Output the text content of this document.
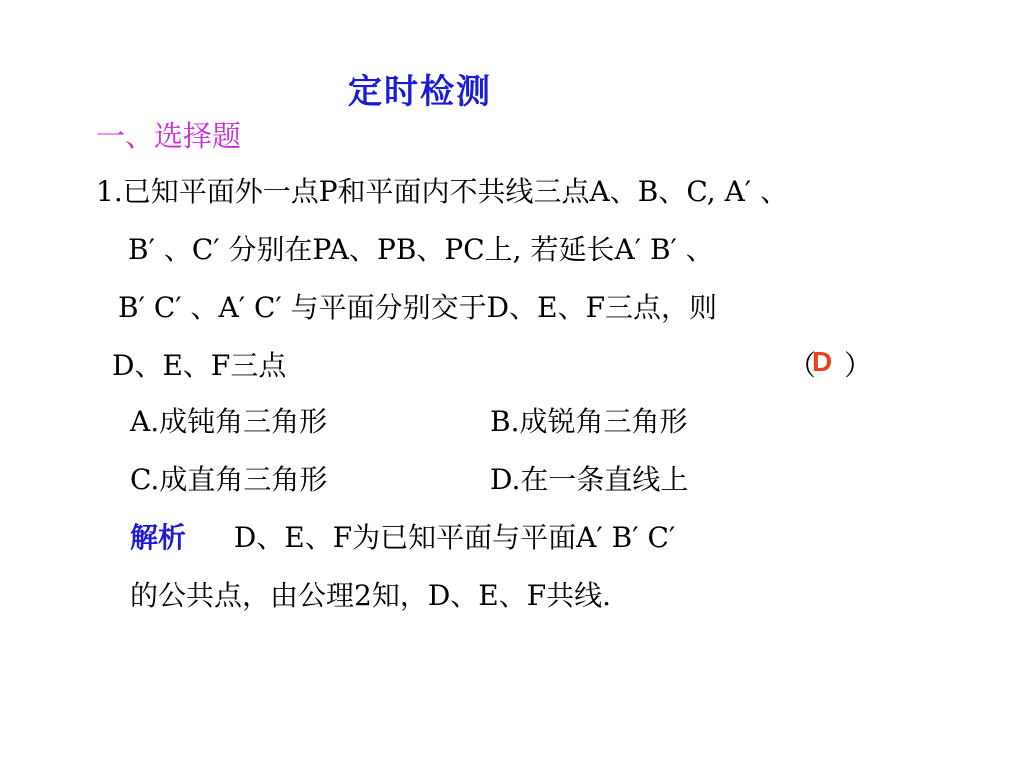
定时检测
一、选择题
1.已知平面外一点P和平面内不共线三点A、B、C, A′ 、
B′ 、C′ 分别在PA、PB、PC上, 若延长A′ B′ 、
B′ C′ 、A′ C′ 与平面分别交于D、E、F三点，则
D、E、F三点	（
D ）
A.成钝角三角形	B.成锐角三角形
C.成直角三角形	D.在一条直线上
解析 D、E、F为已知平面与平面A′ B′ C′
的公共点，由公理2知，D、E、F共线.
